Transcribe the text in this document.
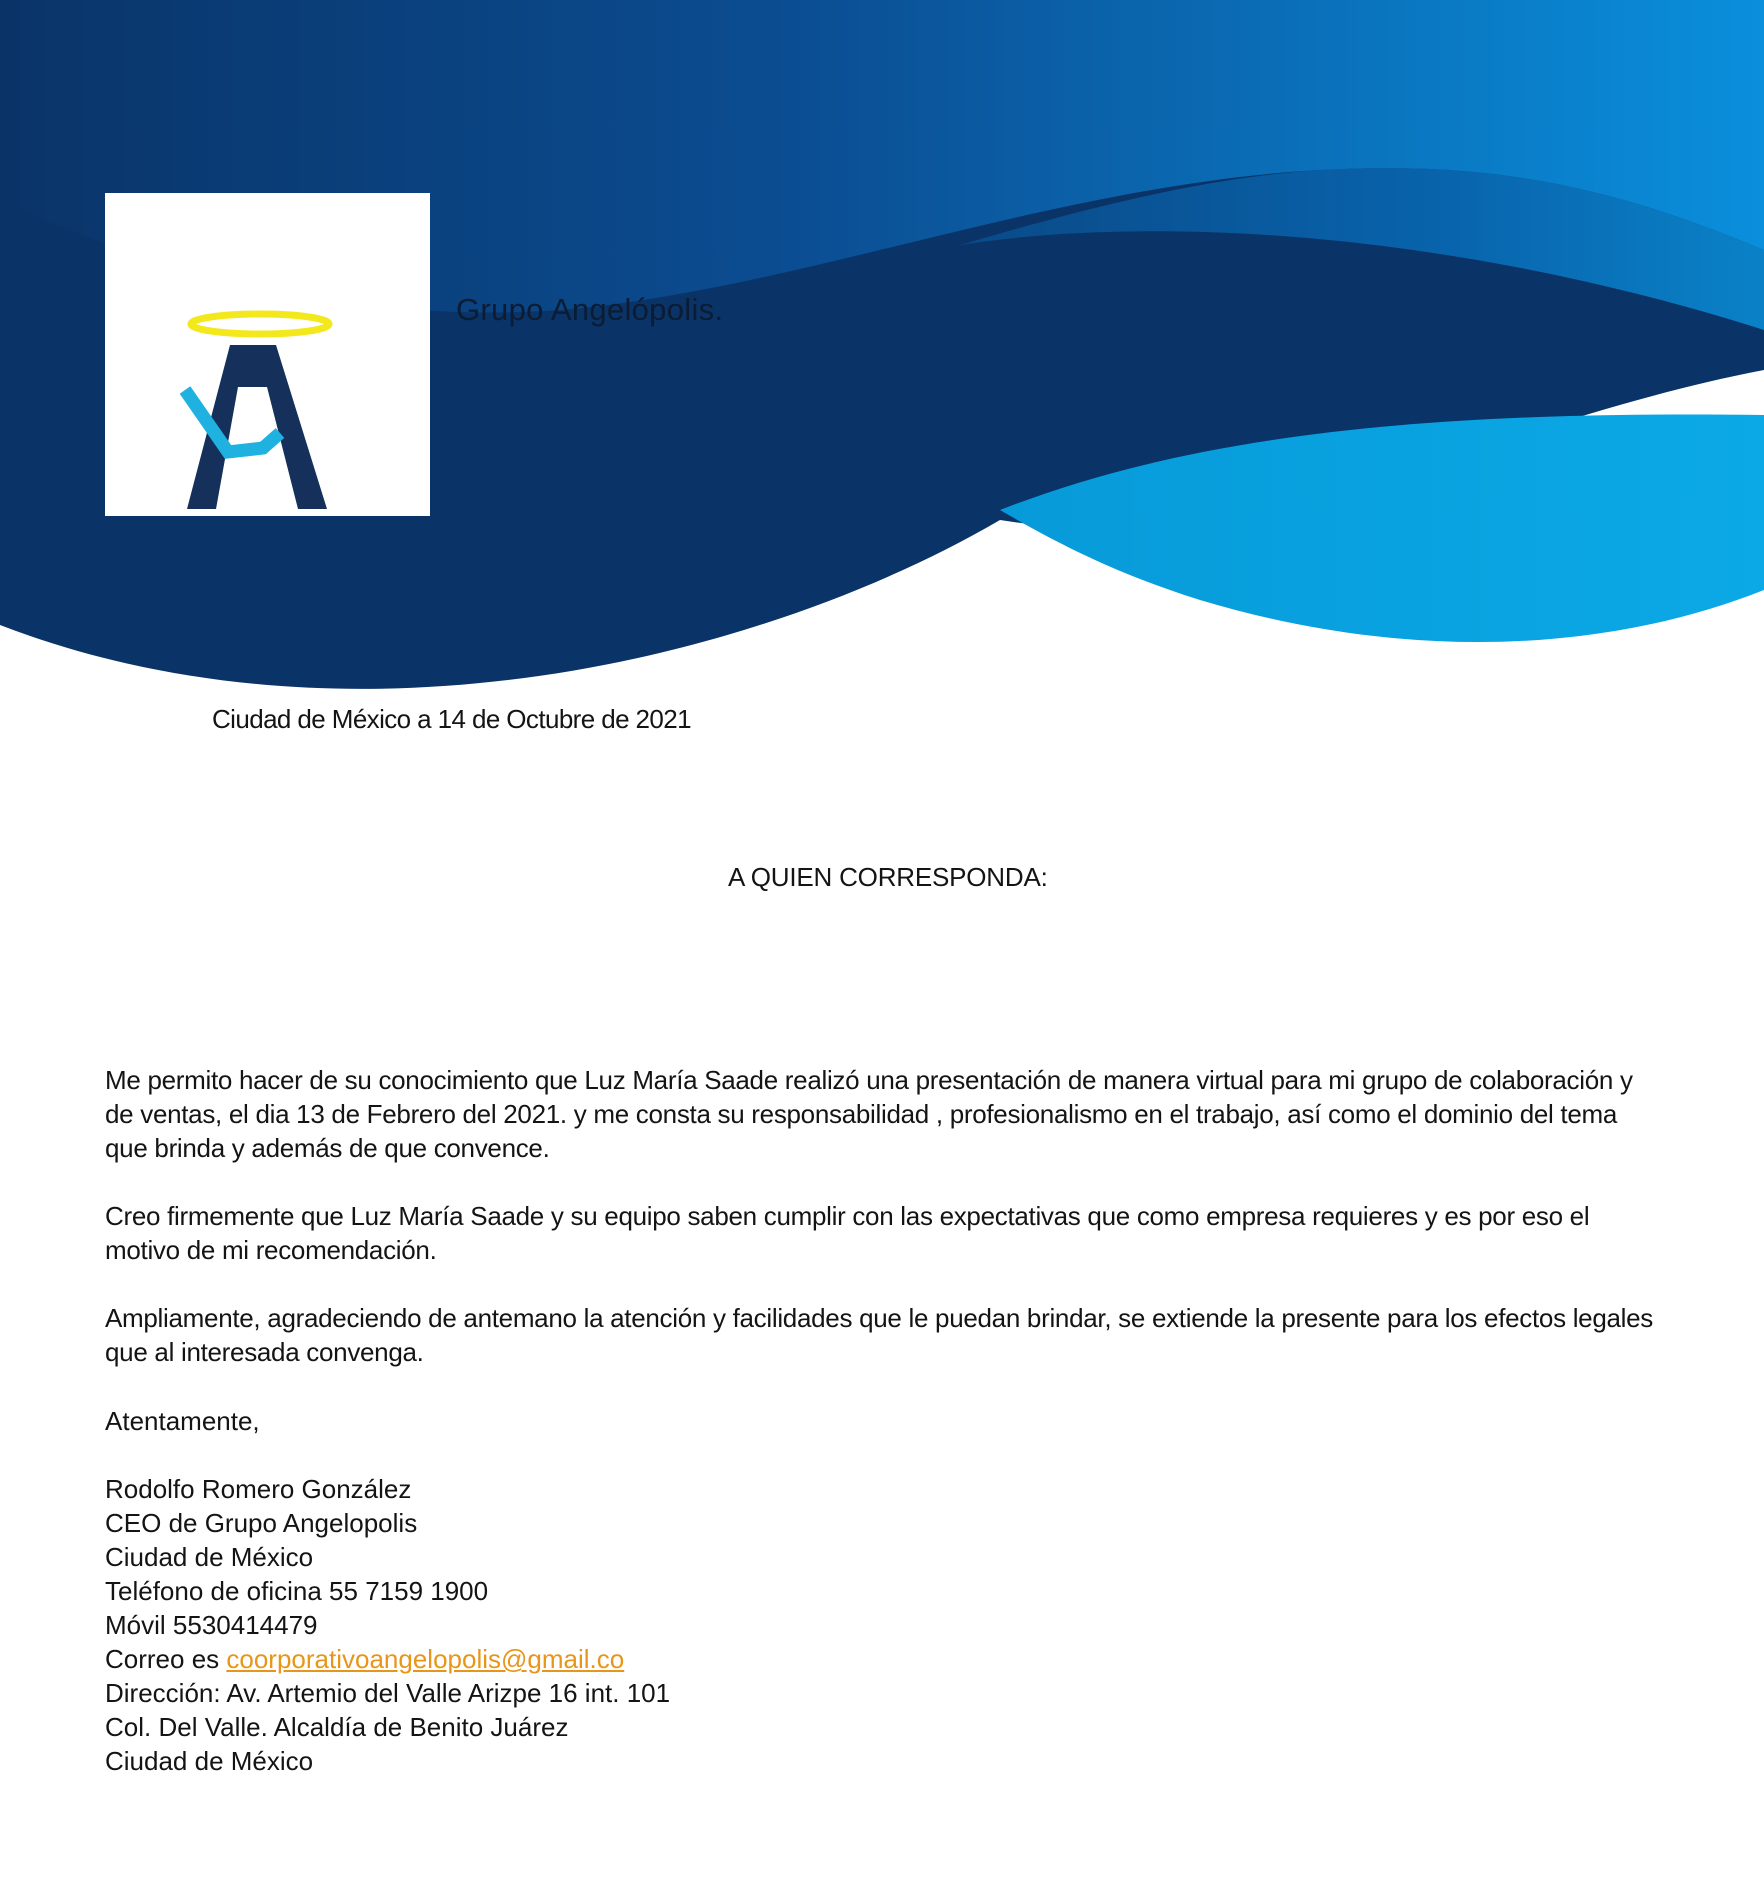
Grupo Angelópolis.
Ciudad de México a 14 de Octubre de 2021
A QUIEN CORRESPONDA:

Me permito hacer de su conocimiento que Luz María Saade realizó una presentación de manera virtual para mi grupo de colaboración y de ventas, el dia 13 de Febrero del 2021. y me consta su responsabilidad , profesionalismo en el trabajo, así como el dominio del tema que brinda y además de que convence.

Creo firmemente que Luz María Saade y su equipo saben cumplir con las expectativas que como empresa requieres y es por eso el motivo de mi recomendación.

Ampliamente, agradeciendo de antemano la atención y facilidades que le puedan brindar, se extiende la presente para los efectos legales que al interesada convenga.

Atentamente,
Rodolfo Romero González
CEO de Grupo Angelopolis
Ciudad de México
Teléfono de oficina 55 7159 1900
Móvil 5530414479
Correo es coorporativoangelopolis@gmail.co
Dirección: Av. Artemio del Valle Arizpe 16 int. 101
Col. Del Valle. Alcaldía de Benito Juárez
Ciudad de México
